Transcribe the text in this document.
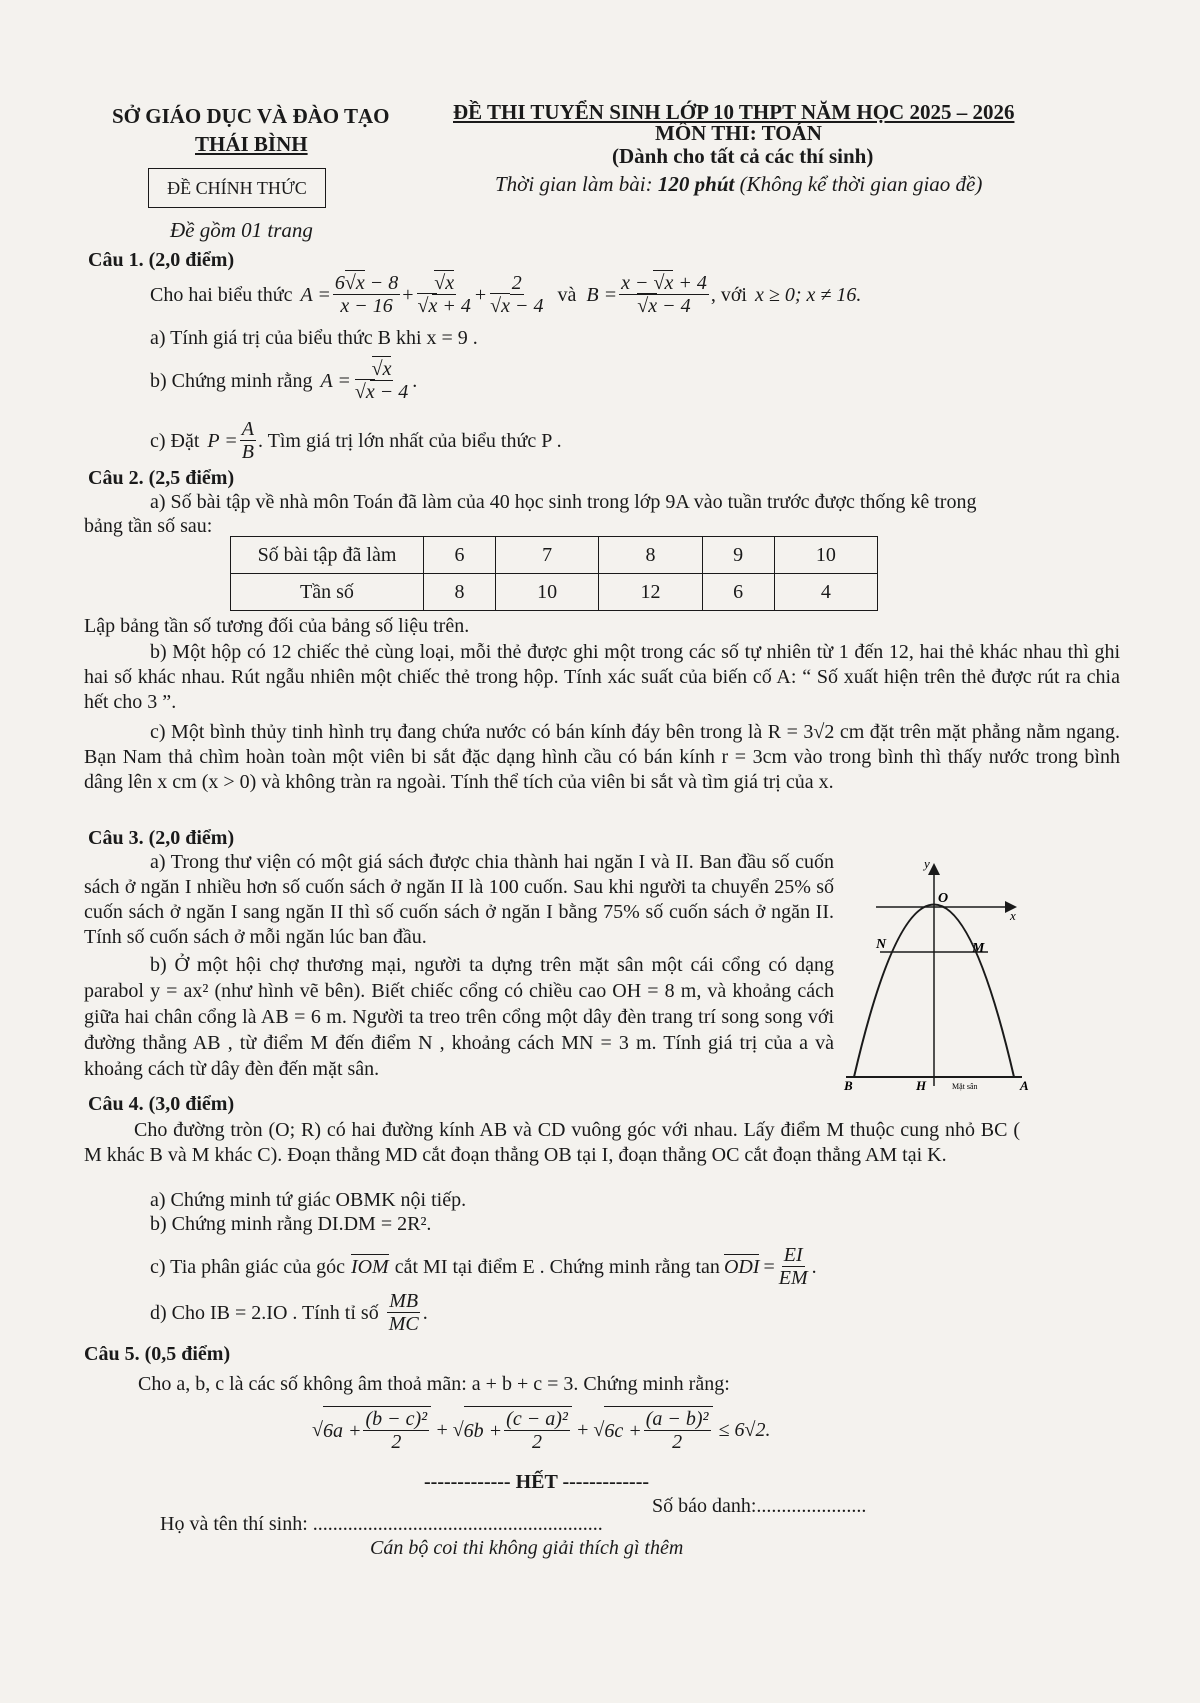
SỞ GIÁO DỤC VÀ ĐÀO TẠO
THÁI BÌNH
ĐỀ CHÍNH THỨC
Đề gồm 01 trang
ĐỀ THI TUYỂN SINH LỚP 10 THPT NĂM HỌC 2025 – 2026
MÔN THI: TOÁN
(Dành cho tất cả các thí sinh)
Thời gian làm bài: 120 phút (Không kể thời gian giao đề)
Câu 1. (2,0 điểm)
Cho hai biểu thức $A = \frac{6√x - 8}{x - 16} + \frac{√x}{√x + 4} + \frac{2}{√x - 4}$ và $B = \frac{x - √x + 4}{√x - 4}$ , với x ≥ 0; x ≠ 16.
a) Tính giá trị của biểu thức B khi x = 9 .
b) Chứng minh rằng $A = \frac{√x}{√x - 4}$ .
c) Đặt $P = \frac{A}{B}$ . Tìm giá trị lớn nhất của biểu thức P .
Câu 2. (2,5 điểm)
a) Số bài tập về nhà môn Toán đã làm của 40 học sinh trong lớp 9A vào tuần trước được thống kê trong
bảng tần số sau:
Số bài tập đã làm	6	7	8	9	10
Tần số	8	10	12	6	4
Lập bảng tần số tương đối của bảng số liệu trên.
b) Một hộp có 12 chiếc thẻ cùng loại, mỗi thẻ được ghi một trong các số tự nhiên từ 1 đến 12, hai thẻ khác nhau thì ghi hai số khác nhau. Rút ngẫu nhiên một chiếc thẻ trong hộp. Tính xác suất của biến cố A: “ Số xuất hiện trên thẻ được rút ra chia hết cho 3 ”.
c) Một bình thủy tinh hình trụ đang chứa nước có bán kính đáy bên trong là R = 3√2 cm đặt trên mặt phẳng nằm ngang. Bạn Nam thả chìm hoàn toàn một viên bi sắt đặc dạng hình cầu có bán kính r = 3cm vào trong bình thì thấy nước trong bình dâng lên x cm (x > 0) và không tràn ra ngoài. Tính thể tích của viên bi sắt và tìm giá trị của x.
Câu 3. (2,0 điểm)
a) Trong thư viện có một giá sách được chia thành hai ngăn I và II. Ban đầu số cuốn sách ở ngăn I nhiều hơn số cuốn sách ở ngăn II là 100 cuốn. Sau khi người ta chuyển 25% số cuốn sách ở ngăn I sang ngăn II thì số cuốn sách ở ngăn I bằng 75% số cuốn sách ở ngăn II. Tính số cuốn sách ở mỗi ngăn lúc ban đầu.
b) Ở một hội chợ thương mại, người ta dựng trên mặt sân một cái cổng có dạng parabol y = ax² (như hình vẽ bên). Biết chiếc cổng có chiều cao OH = 8 m, và khoảng cách giữa hai chân cổng là AB = 6 m. Người ta treo trên cổng một dây đèn trang trí song song với đường thẳng AB , từ điểm M đến điểm N , khoảng cách MN = 3 m. Tính giá trị của a và khoảng cách từ dây đèn đến mặt sân.
y
O
x
N	M
B	H	Mặt sân	A
Câu 4. (3,0 điểm)
Cho đường tròn (O; R) có hai đường kính AB và CD vuông góc với nhau. Lấy điểm M thuộc cung nhỏ BC ( M khác B và M khác C). Đoạn thẳng MD cắt đoạn thẳng OB tại I, đoạn thẳng OC cắt đoạn thẳng AM tại K.
a) Chứng minh tứ giác OBMK nội tiếp.
b) Chứng minh rằng DI.DM = 2R².
c) Tia phân giác của góc IOM cắt MI tại điểm E . Chứng minh rằng tan ODI = $\frac{EI}{EM}$ .
d) Cho IB = 2.IO . Tính tỉ số $\frac{MB}{MC}$ .
Câu 5. (0,5 điểm)
Cho a, b, c là các số không âm thoả mãn: a + b + c = 3. Chứng minh rằng:
√ $6a + \frac{\text{(b − c)²}}{2}$ + √ $6b + \frac{\text{(c − a)²}}{2}$ + √ $6c + \frac{\text{(a − b)²}}{2} \le 6√2$.
------------- HẾT -------------
Họ và tên thí sinh: ..........................................................
Số báo danh:......................
Cán bộ coi thi không giải thích gì thêm
